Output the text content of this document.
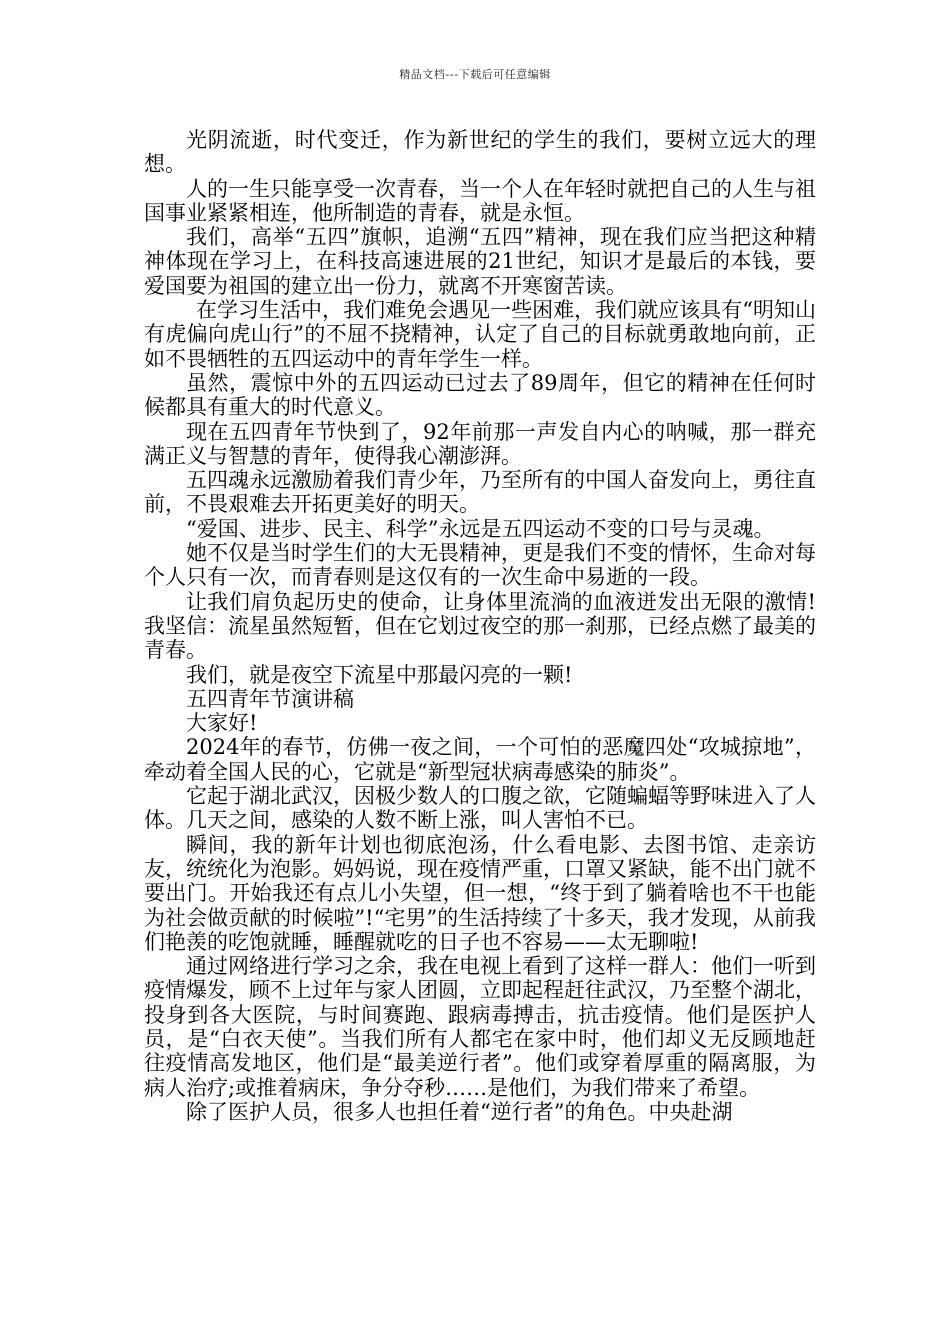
精品文档---下载后可任意编辑

光阴流逝，时代变迁，作为新世纪的学生的我们，要树立远大的理想。

人的一生只能享受一次青春，当一个人在年轻时就把自己的人生与祖国事业紧紧相连，他所制造的青春，就是永恒。

我们，高举“五四”旗帜，追溯“五四”精神，现在我们应当把这种精神体现在学习上，在科技高速进展的21世纪，知识才是最后的本钱，要爱国要为祖国的建立出一份力，就离不开寒窗苦读。

在学习生活中，我们难免会遇见一些困难，我们就应该具有“明知山有虎偏向虎山行”的不屈不挠精神，认定了自己的目标就勇敢地向前，正如不畏牺牲的五四运动中的青年学生一样。

虽然，震惊中外的五四运动已过去了89周年，但它的精神在任何时候都具有重大的时代意义。

现在五四青年节快到了，92年前那一声发自内心的呐喊，那一群充满正义与智慧的青年，使得我心潮澎湃。

五四魂永远激励着我们青少年，乃至所有的中国人奋发向上，勇往直前，不畏艰难去开拓更美好的明天。

“爱国、进步、民主、科学”永远是五四运动不变的口号与灵魂。

她不仅是当时学生们的大无畏精神，更是我们不变的情怀，生命对每个人只有一次，而青春则是这仅有的一次生命中易逝的一段。

让我们肩负起历史的使命，让身体里流淌的血液迸发出无限的激情!我坚信：流星虽然短暂，但在它划过夜空的那一刹那，已经点燃了最美的青春。

我们，就是夜空下流星中那最闪亮的一颗!

五四青年节演讲稿

大家好!

2024年的春节，仿佛一夜之间，一个可怕的恶魔四处“攻城掠地”，牵动着全国人民的心，它就是“新型冠状病毒感染的肺炎”。

它起于湖北武汉，因极少数人的口腹之欲，它随蝙蝠等野味进入了人体。几天之间，感染的人数不断上涨，叫人害怕不已。

瞬间，我的新年计划也彻底泡汤，什么看电影、去图书馆、走亲访友，统统化为泡影。妈妈说，现在疫情严重，口罩又紧缺，能不出门就不要出门。开始我还有点儿小失望，但一想，“终于到了躺着啥也不干也能为社会做贡献的时候啦”!“宅男”的生活持续了十多天，我才发现，从前我们艳羡的吃饱就睡，睡醒就吃的日子也不容易——太无聊啦!

通过网络进行学习之余，我在电视上看到了这样一群人：他们一听到疫情爆发，顾不上过年与家人团圆，立即起程赶往武汉，乃至整个湖北，投身到各大医院，与时间赛跑、跟病毒搏击，抗击疫情。他们是医护人员，是“白衣天使”。当我们所有人都宅在家中时，他们却义无反顾地赶往疫情高发地区，他们是“最美逆行者”。他们或穿着厚重的隔离服，为病人治疗;或推着病床，争分夺秒……是他们，为我们带来了希望。

除了医护人员，很多人也担任着“逆行者”的角色。中央赴湖
